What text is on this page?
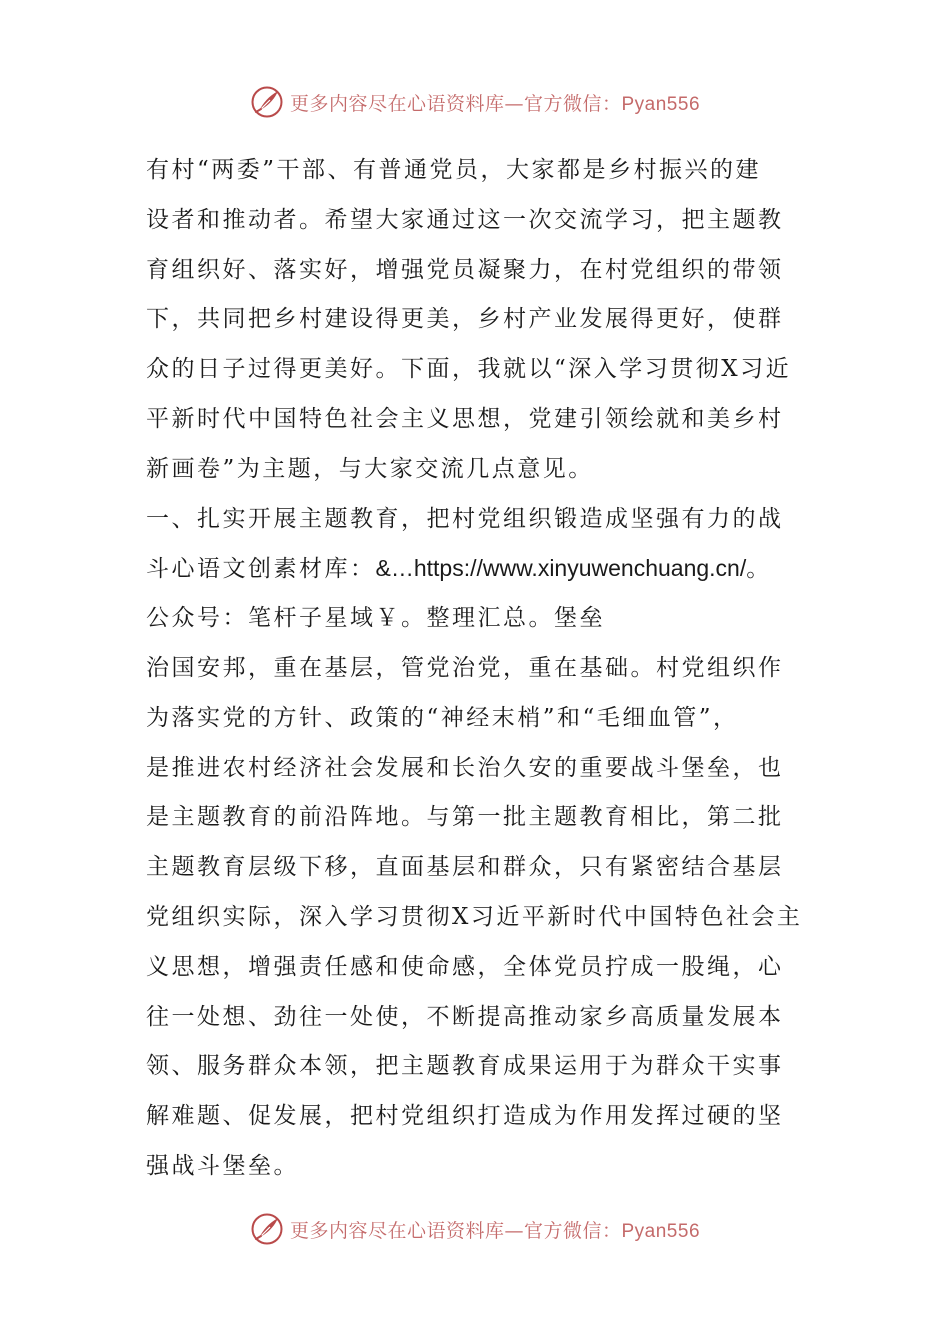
更多内容尽在心语资料库—官方微信：Pyan556
有村“两委”干部、有普通党员，大家都是乡村振兴的建
设者和推动者。希望大家通过这一次交流学习，把主题教
育组织好、落实好，增强党员凝聚力，在村党组织的带领
下，共同把乡村建设得更美，乡村产业发展得更好，使群
众的日子过得更美好。下面，我就以“深入学习贯彻X习近
平新时代中国特色社会主义思想，党建引领绘就和美乡村
新画卷”为主题，与大家交流几点意见。
一、扎实开展主题教育，把村党组织锻造成坚强有力的战
斗心语文创素材库：&…https://www.xinyuwenchuang.cn/。
公众号：笔杆子星域￥。整理汇总。堡垒
治国安邦，重在基层，管党治党，重在基础。村党组织作
为落实党的方针、政策的“神经末梢”和“毛细血管”，
是推进农村经济社会发展和长治久安的重要战斗堡垒，也
是主题教育的前沿阵地。与第一批主题教育相比，第二批
主题教育层级下移，直面基层和群众，只有紧密结合基层
党组织实际，深入学习贯彻X习近平新时代中国特色社会主
义思想，增强责任感和使命感，全体党员拧成一股绳，心
往一处想、劲往一处使，不断提高推动家乡高质量发展本
领、服务群众本领，把主题教育成果运用于为群众干实事
解难题、促发展，把村党组织打造成为作用发挥过硬的坚
强战斗堡垒。
更多内容尽在心语资料库—官方微信：Pyan556
